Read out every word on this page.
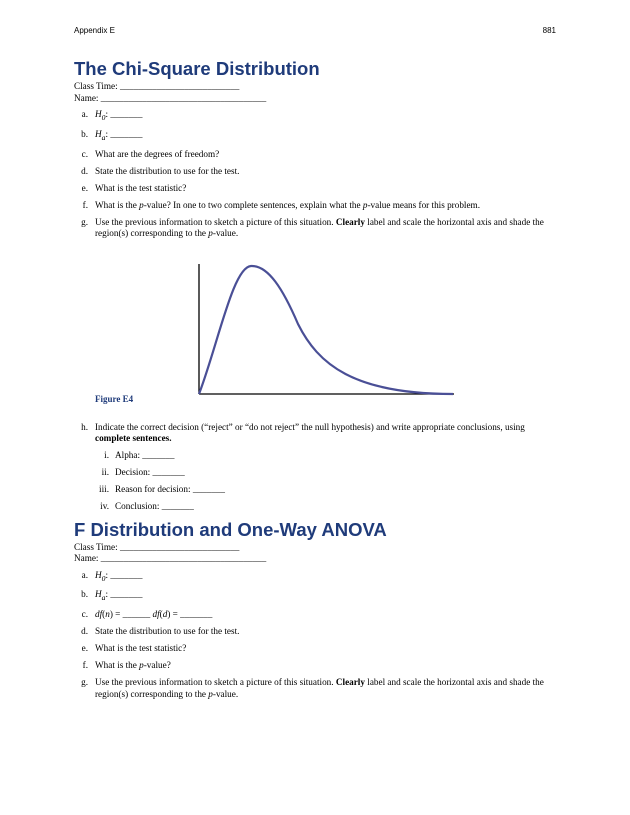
Appendix E	881
The Chi-Square Distribution

Class Time: __________________________

Name: ____________________________________

a. $H_0$: _______
b. $H_a$: _______
c. What are the degrees of freedom?
d. State the distribution to use for the test.
e. What is the test statistic?
f. What is the p-value? In one to two complete sentences, explain what the p-value means for this problem.
g. Use the previous information to sketch a picture of this situation. Clearly label and scale the horizontal axis and shade the region(s) corresponding to the p-value.
Figure E4
h. Indicate the correct decision (“reject” or “do not reject” the null hypothesis) and write appropriate conclusions, using complete sentences.
i. Alpha: _______
ii. Decision: _______
iii. Reason for decision: _______
iv. Conclusion: _______
F Distribution and One-Way ANOVA

Class Time: __________________________

Name: ____________________________________

a. $H_0$: _______
b. $H_a$: _______
c. df(n) = ______ df(d) = _______
d. State the distribution to use for the test.
e. What is the test statistic?
f. What is the p-value?
g. Use the previous information to sketch a picture of this situation. Clearly label and scale the horizontal axis and shade the region(s) corresponding to the p-value.
